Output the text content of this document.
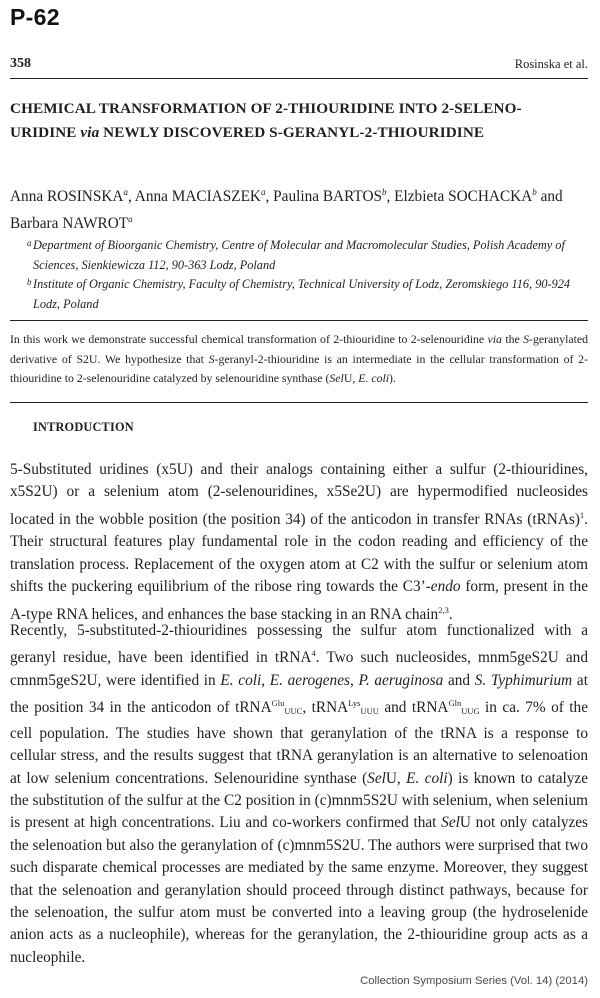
P-62
358	Rosinska et al.
CHEMICAL TRANSFORMATION OF 2-THIOURIDINE INTO 2-SELENO-URIDINE via NEWLY DISCOVERED S-GERANYL-2-THIOURIDINE

Anna ROSINSKA$^a$, Anna MACIASZEK$^a$, Paulina BARTOS$^b$, Elzbieta SOCHACKA$^b$ and
Barbara NAWROT$^a$

a Department of Bioorganic Chemistry, Centre of Molecular and Macromolecular Studies, Polish Academy of Sciences, Sienkiewicza 112, 90-363 Lodz, Poland
b Institute of Organic Chemistry, Faculty of Chemistry, Technical University of Lodz, Zeromskiego 116, 90-924 Lodz, Poland

In this work we demonstrate successful chemical transformation of 2-thiouridine to 2-selenouridine via the S-geranylated derivative of S2U. We hypothesize that S-geranyl-2-thiouridine is an intermediate in the cellular transformation of 2-thiouridine to 2-selenouridine catalyzed by selenouridine synthase (SelU, E. coli).

INTRODUCTION

5-Substituted uridines (x5U) and their analogs containing either a sulfur (2-thiouridines, x5S2U) or a selenium atom (2-selenouridines, x5Se2U) are hypermodified nucleosides located in the wobble position (the position 34) of the anticodon in transfer RNAs (tRNAs)$^1$. Their structural features play fundamental role in the codon reading and efficiency of the translation process. Replacement of the oxygen atom at C2 with the sulfur or selenium atom shifts the puckering equilibrium of the ribose ring towards the C3’-endo form, present in the A-type RNA helices, and enhances the base stacking in an RNA chain$^{2,3}$.

Recently, 5-substituted-2-thiouridines possessing the sulfur atom functionalized with a geranyl residue, have been identified in tRNA$^4$. Two such nucleosides, mnm5geS2U and cmnm5geS2U, were identified in E. coli, E. aerogenes, P. aeruginosa and S. Typhimurium at the position 34 in the anticodon of tRNA$^{Glu}_{UUC}$, tRNA$^{Lys}_{UUU}$ and tRNA$^{Gln}_{UUG}$ in ca. 7% of the cell population. The studies have shown that geranylation of the tRNA is a response to cellular stress, and the results suggest that tRNA geranylation is an alternative to selenoation at low selenium concentrations. Selenouridine synthase (SelU, E. coli) is known to catalyze the substitution of the sulfur at the C2 position in (c)mnm5S2U with selenium, when selenium is present at high concentrations. Liu and co-workers confirmed that SelU not only catalyzes the selenoation but also the geranylation of (c)mnm5S2U. The authors were surprised that two such disparate chemical processes are mediated by the same enzyme. Moreover, they suggest that the selenoation and geranylation should proceed through distinct pathways, because for the selenoation, the sulfur atom must be converted into a leaving group (the hydroselenide anion acts as a nucleophile), whereas for the geranylation, the 2-thiouridine group acts as a nucleophile.

Collection Symposium Series (Vol. 14) (2014)
